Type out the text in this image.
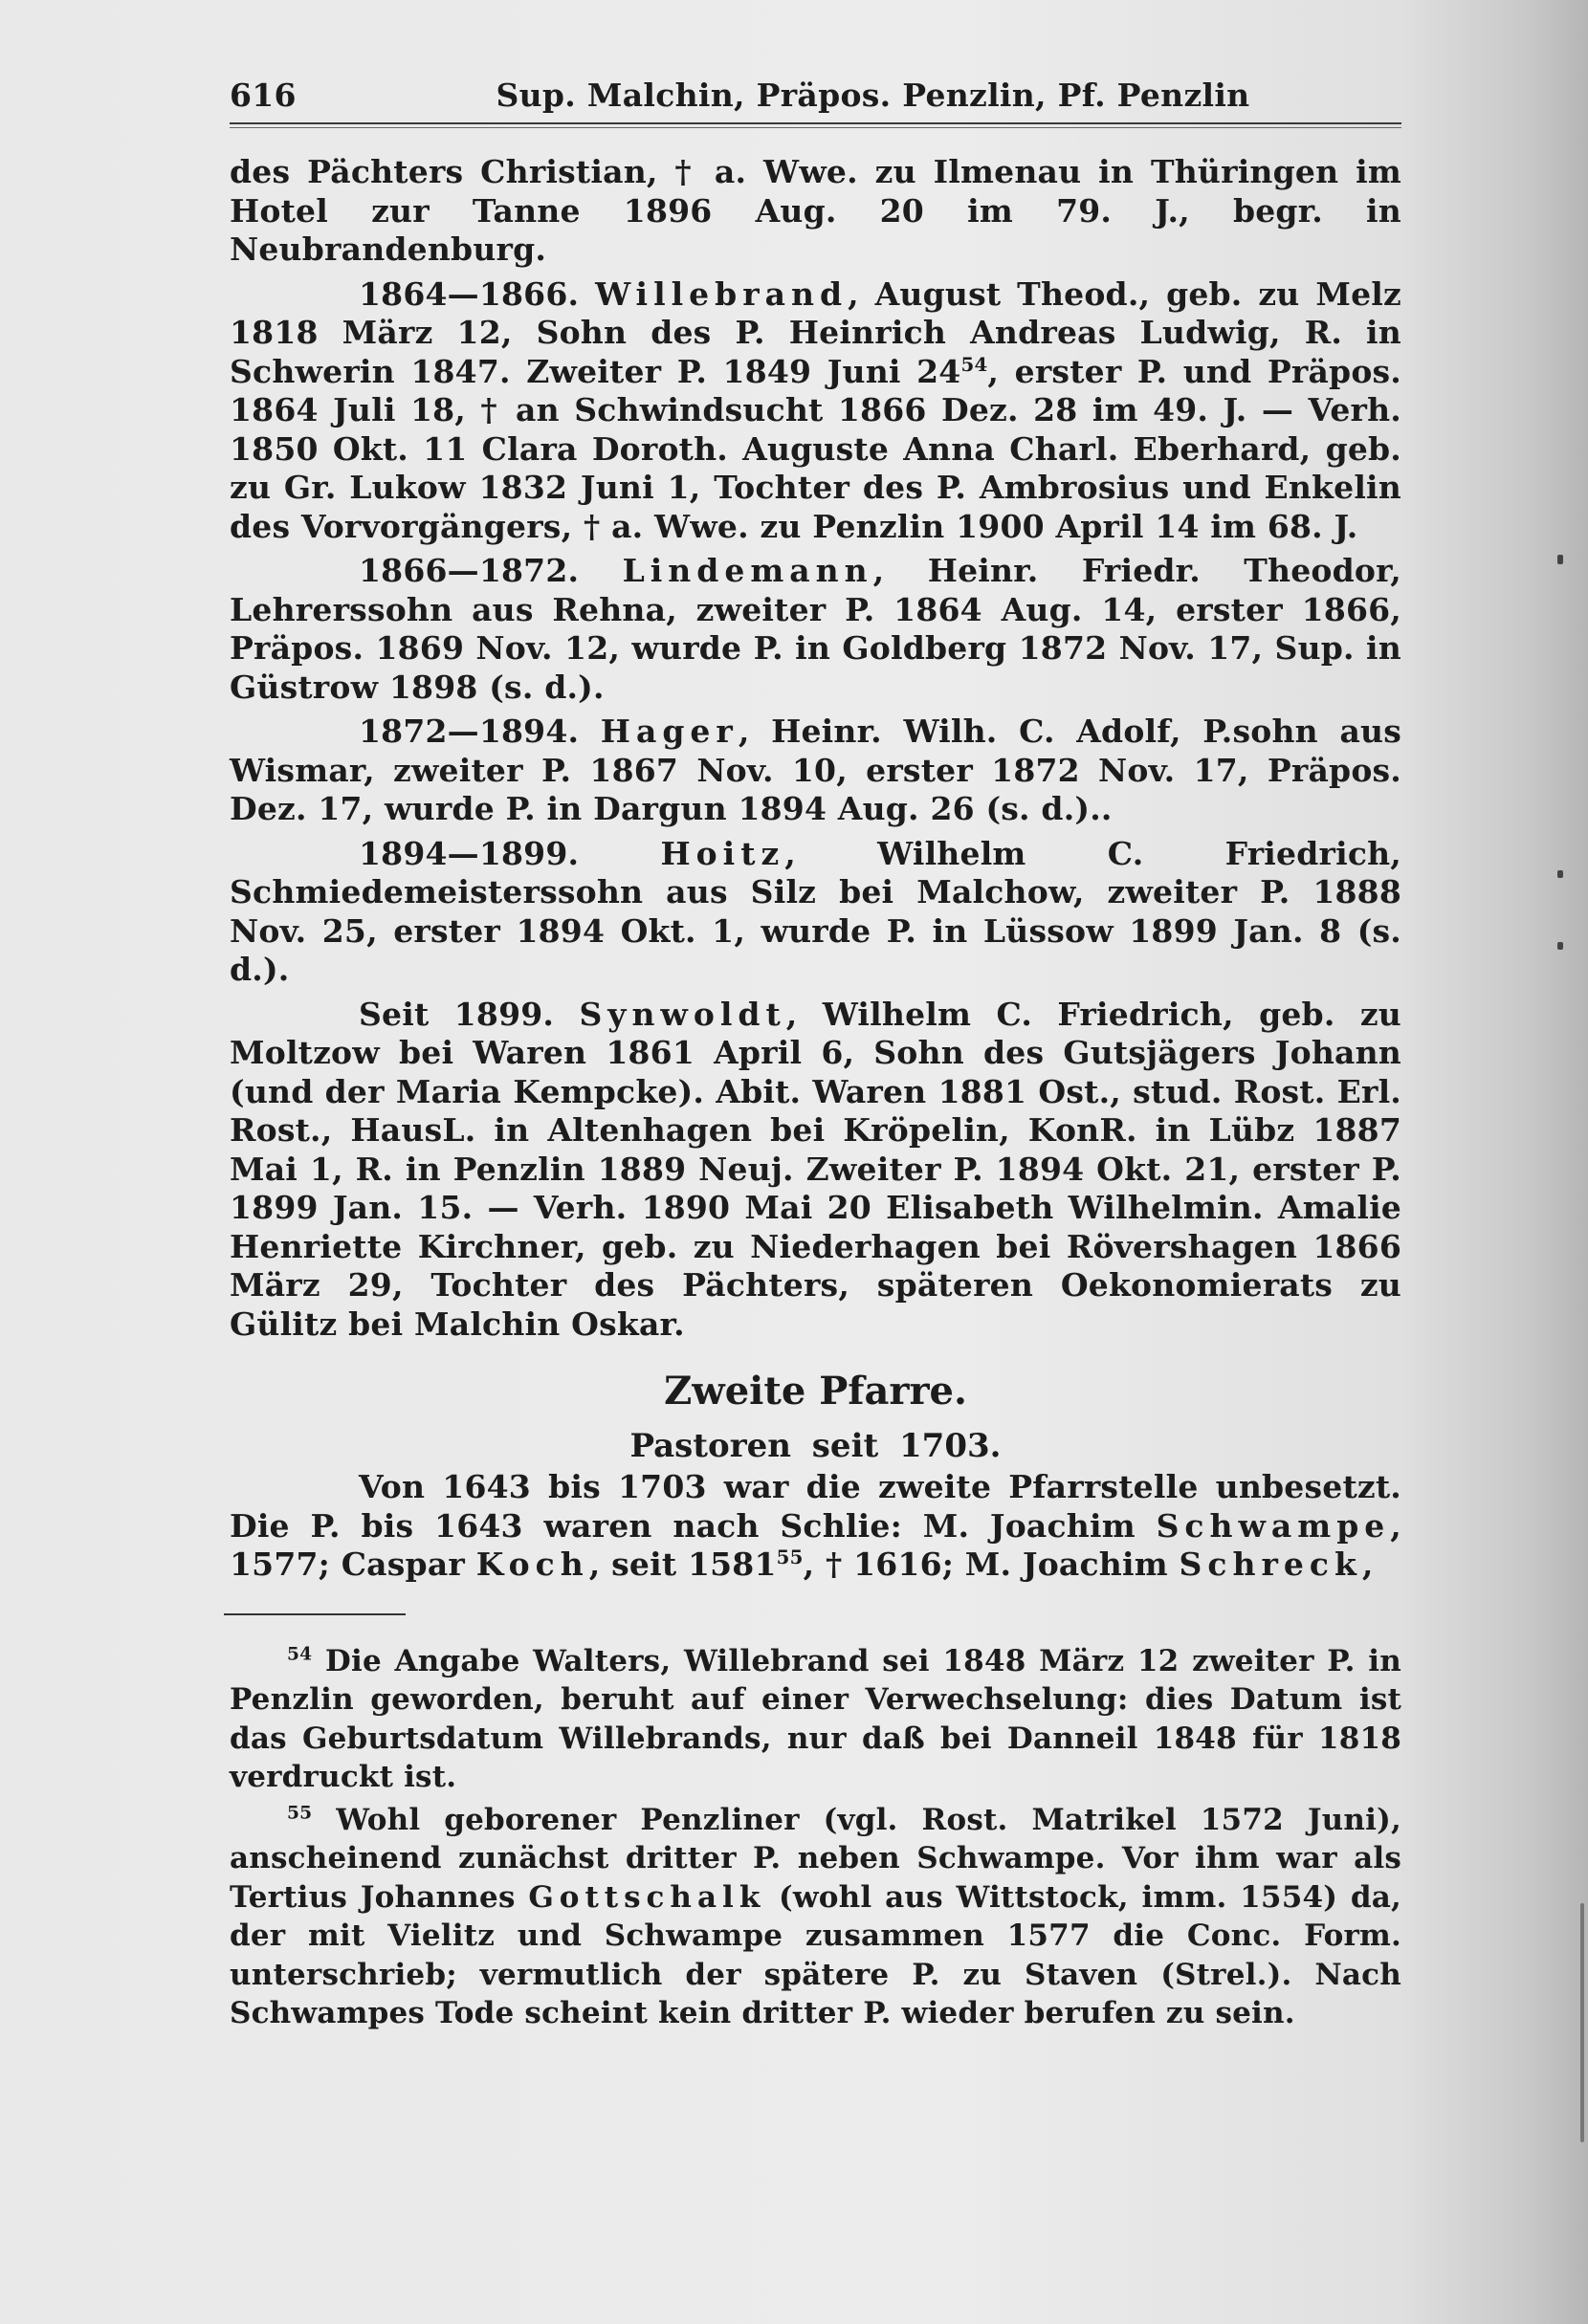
616	Sup. Malchin, Präpos. Penzlin, Pf. Penzlin

des Pächters Christian, † a. Wwe. zu Ilmenau in Thüringen im Hotel zur Tanne 1896 Aug. 20 im 79. J., begr. in Neubrandenburg.

1864—1866. Willebrand, August Theod., geb. zu Melz 1818 März 12, Sohn des P. Heinrich Andreas Ludwig, R. in Schwerin 1847. Zweiter P. 1849 Juni $24^{54}$, erster P. und Präpos. 1864 Juli 18, † an Schwindsucht 1866 Dez. 28 im 49. J. — Verh. 1850 Okt. 11 Clara Doroth. Auguste Anna Charl. Eberhard, geb. zu Gr. Lukow 1832 Juni 1, Tochter des P. Ambrosius und Enkelin des Vorvorgängers, † a. Wwe. zu Penzlin 1900 April 14 im 68. J.

1866—1872. Lindemann, Heinr. Friedr. Theodor, Lehrerssohn aus Rehna, zweiter P. 1864 Aug. 14, erster 1866, Präpos. 1869 Nov. 12, wurde P. in Goldberg 1872 Nov. 17, Sup. in Güstrow 1898 (s. d.).

1872—1894. Hager, Heinr. Wilh. C. Adolf, P.sohn aus Wismar, zweiter P. 1867 Nov. 10, erster 1872 Nov. 17, Präpos. Dez. 17, wurde P. in Dargun 1894 Aug. 26 (s. d.)..

1894—1899.	Hoitz, Wilhelm C. Friedrich, Schmiedemeisterssohn aus Silz bei Malchow, zweiter P. 1888 Nov. 25, erster 1894 Okt. 1, wurde P. in Lüssow 1899 Jan. 8 (s. d.).

Seit 1899. Synwoldt, Wilhelm C. Friedrich, geb. zu Moltzow bei Waren 1861 April 6, Sohn des Gutsjägers Johann (und der Maria Kempcke). Abit. Waren 1881 Ost., stud. Rost. Erl. Rost., HausL. in Altenhagen bei Kröpelin, KonR. in Lübz 1887 Mai 1, R. in Penzlin 1889 Neuj. Zweiter P. 1894 Okt. 21, erster P. 1899 Jan. 15. — Verh. 1890 Mai 20 Elisabeth Wilhelmin. Amalie Henriette Kirchner, geb. zu Niederhagen bei Rövershagen 1866 März 29, Tochter des Pächters, späteren Oekonomierats zu Gülitz bei Malchin Oskar.

Zweite Pfarre.
Pastoren seit 1703.

Von 1643 bis 1703 war die zweite Pfarrstelle unbesetzt. Die P. bis 1643 waren nach Schlie: M. Joachim Schwampe, 1577; Caspar Koch, seit 1581$^{55}$, † 1616; M. Joachim Schreck,

$^{54}$ Die Angabe Walters, Willebrand sei 1848 März 12 zweiter P. in Penzlin geworden, beruht auf einer Verwechselung: dies Datum ist das Geburtsdatum Willebrands, nur daß bei Danneil 1848 für 1818 verdruckt ist.

$^{55}$ Wohl geborener Penzliner (vgl. Rost. Matrikel 1572 Juni), anscheinend zunächst dritter P. neben Schwampe. Vor ihm war als Tertius Johannes Gottschalk (wohl aus Wittstock, imm. 1554) da, der mit Vielitz und Schwampe zusammen 1577 die Conc. Form. unterschrieb; vermutlich der spätere P. zu Staven (Strel.). Nach Schwampes Tode scheint kein dritter P. wieder berufen zu sein.
